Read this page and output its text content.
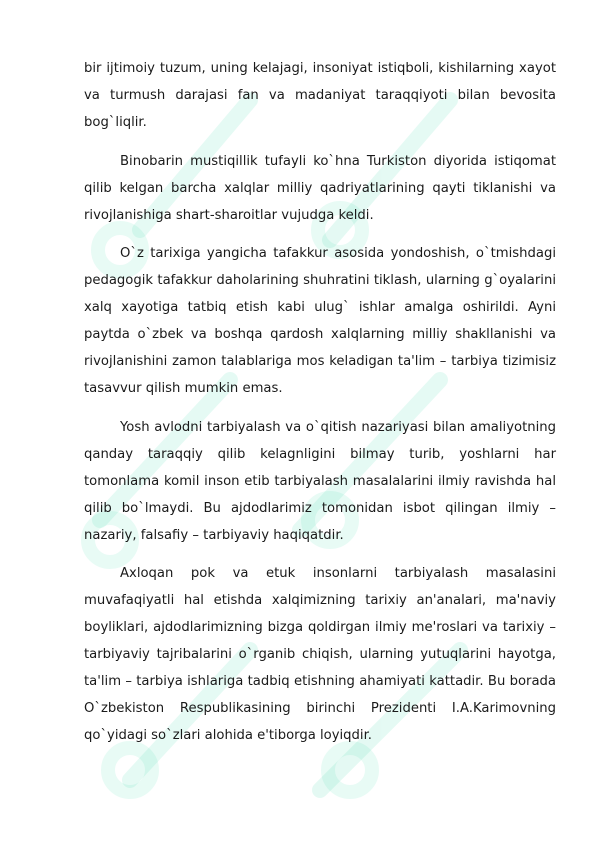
bir ijtimoiy tuzum, uning kelajagi, insoniyat istiqboli, kishilarning xayot va turmush darajasi fan va madaniyat taraqqiyoti bilan bevosita bog`liqlir.

Binobarin mustiqillik tufayli ko`hna Turkiston diyorida istiqomat qilib kelgan barcha xalqlar milliy qadriyatlarining qayti tiklanishi va rivojlanishiga shart-sharoitlar vujudga keldi.

O`z tarixiga yangicha tafakkur asosida yondoshish, o`tmishdagi pedagogik tafakkur daholarining shuhratini tiklash, ularning g`oyalarini xalq xayotiga tatbiq etish kabi ulug` ishlar amalga oshirildi. Ayni paytda o`zbek va boshqa qardosh xalqlarning milliy shakllanishi va rivojlanishini zamon talablariga mos keladigan ta'lim – tarbiya tizimisiz tasavvur qilish mumkin emas.

Yosh avlodni tarbiyalash va o`qitish nazariyasi bilan amaliyotning qanday taraqqiy qilib kelagnligini bilmay turib, yoshlarni har tomonlama komil inson etib tarbiyalash masalalarini ilmiy ravishda hal qilib bo`lmaydi. Bu ajdodlarimiz tomonidan isbot qilingan ilmiy – nazariy, falsafiy – tarbiyaviy haqiqatdir.

Axloqan pok va etuk insonlarni tarbiyalash masalasini muvafaqiyatli hal etishda xalqimizning tarixiy an'analari, ma'naviy boyliklari, ajdodlarimizning bizga qoldirgan ilmiy me'roslari va tarixiy – tarbiyaviy tajribalarini o`rganib chiqish, ularning yutuqlarini hayotga, ta'lim – tarbiya ishlariga tadbiq etishning ahamiyati kattadir. Bu borada O`zbekiston Respublikasining birinchi Prezidenti I.A.Karimovning qo`yidagi so`zlari alohida e'tiborga loyiqdir.
